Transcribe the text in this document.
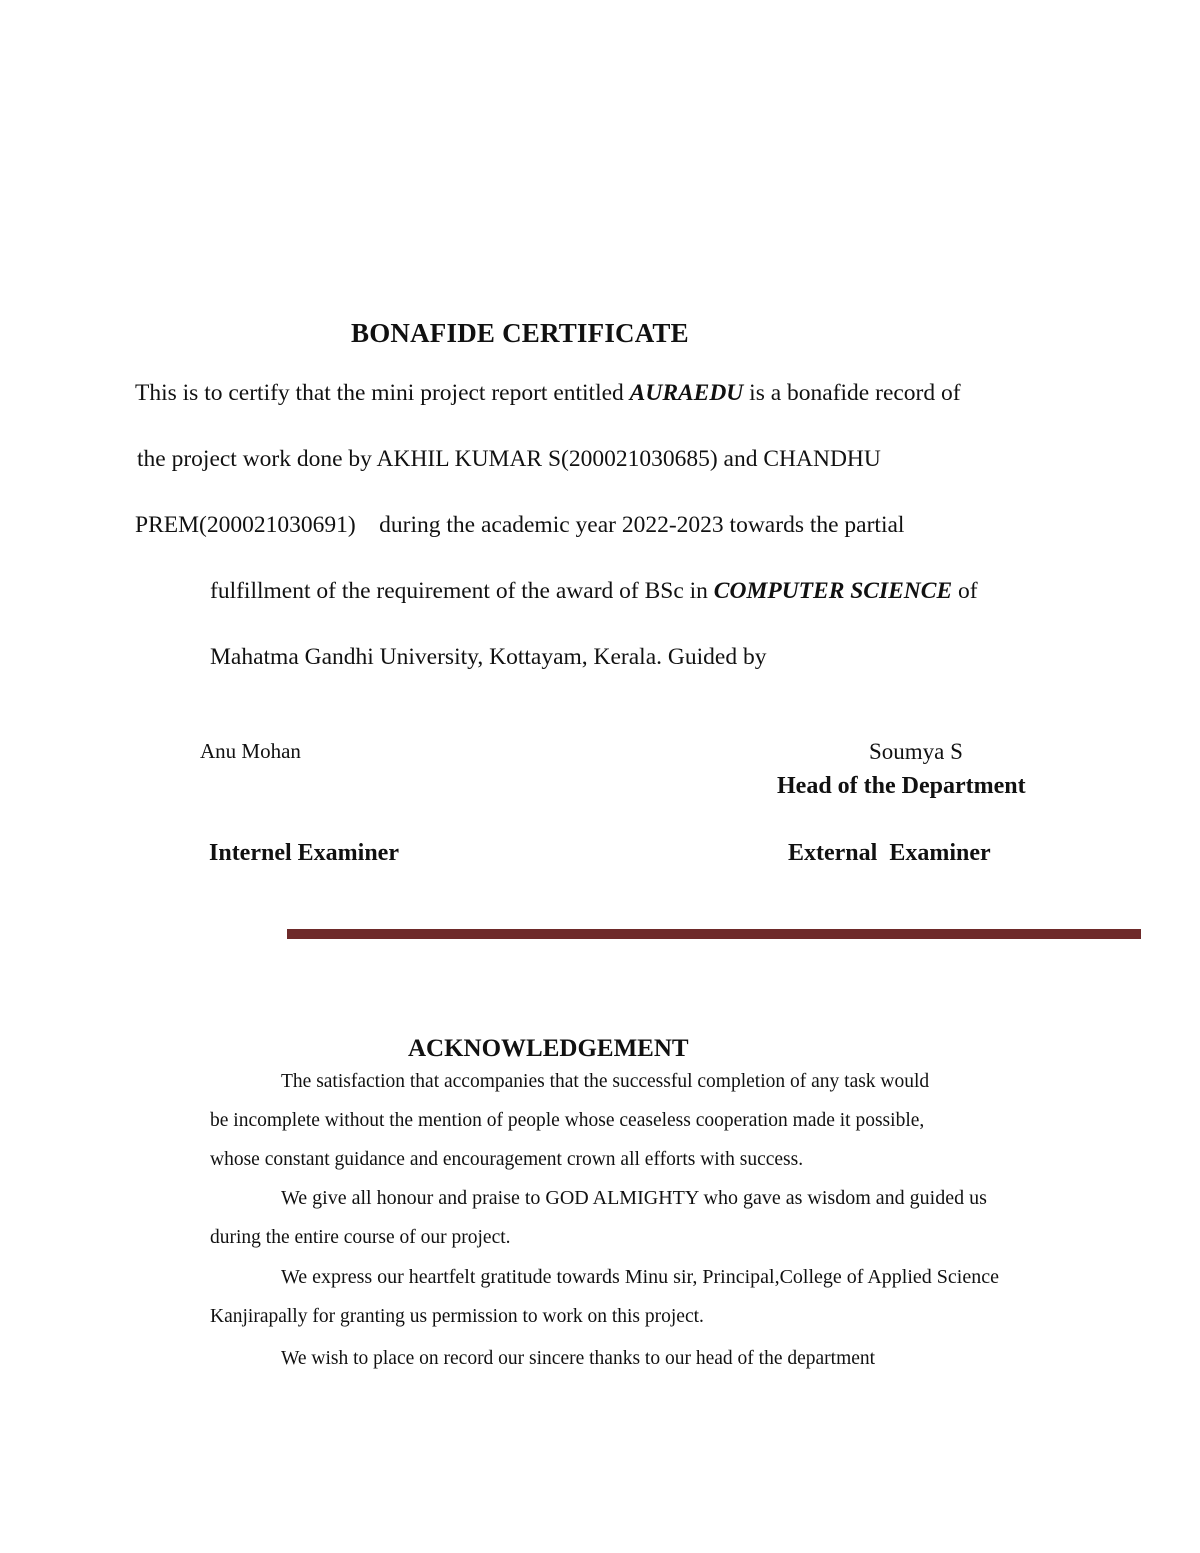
BONAFIDE CERTIFICATE
This is to certify that the mini project report entitled AURAEDU is a bonafide record of
the project work done by AKHIL KUMAR S(200021030685) and CHANDHU
PREM(200021030691)    during the academic year 2022-2023 towards the partial
fulfillment of the requirement of the award of BSc in COMPUTER SCIENCE of
Mahatma Gandhi University, Kottayam, Kerala. Guided by
Anu Mohan	Soumya S
Head of the Department
Internel Examiner	External  Examiner
ACKNOWLEDGEMENT
The satisfaction that accompanies that the successful completion of any task would
be incomplete without the mention of people whose ceaseless cooperation made it possible,
whose constant guidance and encouragement crown all efforts with success.
We give all honour and praise to GOD ALMIGHTY who gave as wisdom and guided us
during the entire course of our project.
We express our heartfelt gratitude towards Minu sir, Principal,College of Applied Science
Kanjirapally for granting us permission to work on this project.
We wish to place on record our sincere thanks to our head of the department
